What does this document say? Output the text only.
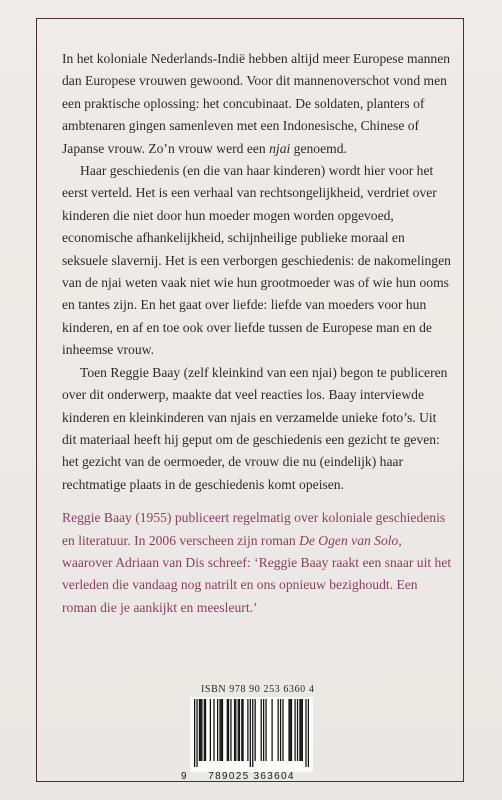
In het koloniale Nederlands-Indië hebben altijd meer Europese mannen dan Europese vrouwen gewoond. Voor dit mannenoverschot vond men een praktische oplossing: het concubinaat. De soldaten, planters of ambtenaren gingen samenleven met een Indonesische, Chinese of Japanse vrouw. Zo’n vrouw werd een njai genoemd.

Haar geschiedenis (en die van haar kinderen) wordt hier voor het eerst verteld. Het is een verhaal van rechtsongelijkheid, verdriet over kinderen die niet door hun moeder mogen worden opgevoed, economische afhankelijkheid, schijnheilige publieke moraal en seksuele slavernij. Het is een verborgen geschiedenis: de nakomelingen van de njai weten vaak niet wie hun grootmoeder was of wie hun ooms en tantes zijn. En het gaat over liefde: liefde van moeders voor hun kinderen, en af en toe ook over liefde tussen de Europese man en de inheemse vrouw.

Toen Reggie Baay (zelf kleinkind van een njai) begon te publiceren over dit onderwerp, maakte dat veel reacties los. Baay interviewde kinderen en kleinkinderen van njais en verzamelde unieke foto’s. Uit dit materiaal heeft hij geput om de geschiedenis een gezicht te geven: het gezicht van de oermoeder, de vrouw die nu (eindelijk) haar rechtmatige plaats in de geschiedenis komt opeisen.

Reggie Baay (1955) publiceert regelmatig over koloniale geschiedenis en literatuur. In 2006 verscheen zijn roman De Ogen van Solo, waarover Adriaan van Dis schreef: ‘Reggie Baay raakt een snaar uit het verleden die vandaag nog natrilt en ons opnieuw bezighoudt. Een roman die je aankijkt en meesleurt.’

ISBN 978 90 253 6360 4
9 789025 363604
